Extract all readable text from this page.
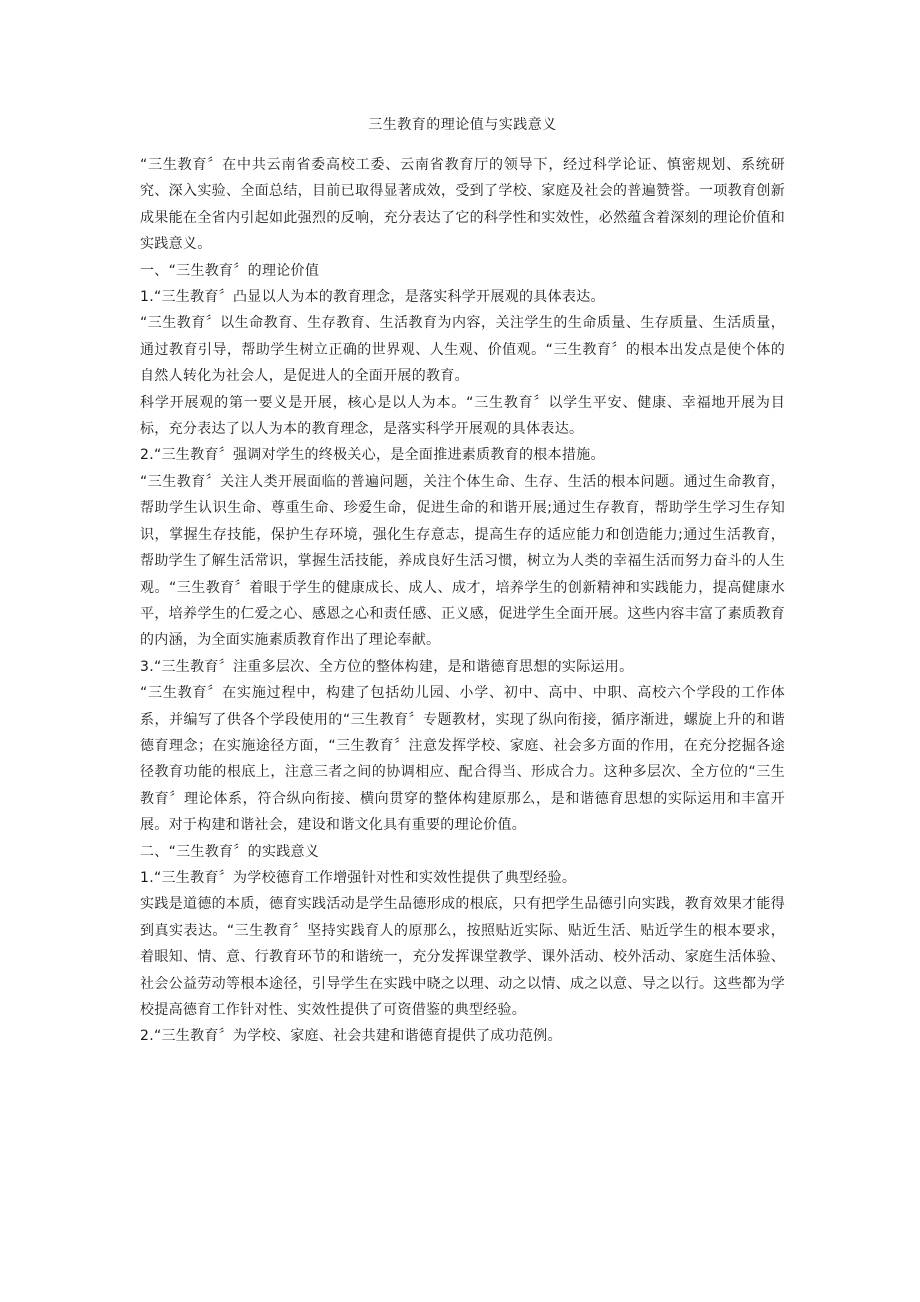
三生教育的理论值与实践意义

“三生教育〞在中共云南省委高校工委、云南省教育厅的领导下，经过科学论证、慎密规划、系统研究、深入实验、全面总结，目前已取得显著成效，受到了学校、家庭及社会的普遍赞誉。一项教育创新成果能在全省内引起如此强烈的反响，充分表达了它的科学性和实效性，必然蕴含着深刻的理论价值和实践意义。

一、“三生教育〞的理论价值

1.“三生教育〞凸显以人为本的教育理念，是落实科学开展观的具体表达。

“三生教育〞以生命教育、生存教育、生活教育为内容，关注学生的生命质量、生存质量、生活质量，通过教育引导，帮助学生树立正确的世界观、人生观、价值观。“三生教育〞的根本出发点是使个体的自然人转化为社会人，是促进人的全面开展的教育。

科学开展观的第一要义是开展，核心是以人为本。“三生教育〞以学生平安、健康、幸福地开展为目标，充分表达了以人为本的教育理念，是落实科学开展观的具体表达。

2.“三生教育〞强调对学生的终极关心，是全面推进素质教育的根本措施。

“三生教育〞关注人类开展面临的普遍问题，关注个体生命、生存、生活的根本问题。通过生命教育，帮助学生认识生命、尊重生命、珍爱生命，促进生命的和谐开展;通过生存教育，帮助学生学习生存知识，掌握生存技能，保护生存环境，强化生存意志，提高生存的适应能力和创造能力;通过生活教育，帮助学生了解生活常识，掌握生活技能，养成良好生活习惯，树立为人类的幸福生活而努力奋斗的人生观。“三生教育〞着眼于学生的健康成长、成人、成才，培养学生的创新精神和实践能力，提高健康水平，培养学生的仁爱之心、感恩之心和责任感、正义感，促进学生全面开展。这些内容丰富了素质教育的内涵，为全面实施素质教育作出了理论奉献。

3.“三生教育〞注重多层次、全方位的整体构建，是和谐德育思想的实际运用。

“三生教育〞在实施过程中，构建了包括幼儿园、小学、初中、高中、中职、高校六个学段的工作体系，并编写了供各个学段使用的“三生教育〞专题教材，实现了纵向衔接，循序渐进，螺旋上升的和谐德育理念；在实施途径方面，“三生教育〞注意发挥学校、家庭、社会多方面的作用，在充分挖掘各途径教育功能的根底上，注意三者之间的协调相应、配合得当、形成合力。这种多层次、全方位的“三生教育〞理论体系，符合纵向衔接、横向贯穿的整体构建原那么，是和谐德育思想的实际运用和丰富开展。对于构建和谐社会，建设和谐文化具有重要的理论价值。

二、“三生教育〞的实践意义

1.“三生教育〞为学校德育工作增强针对性和实效性提供了典型经验。

实践是道德的本质，德育实践活动是学生品德形成的根底，只有把学生品德引向实践，教育效果才能得到真实表达。“三生教育〞坚持实践育人的原那么，按照贴近实际、贴近生活、贴近学生的根本要求，着眼知、情、意、行教育环节的和谐统一，充分发挥课堂教学、课外活动、校外活动、家庭生活体验、社会公益劳动等根本途径，引导学生在实践中晓之以理、动之以情、成之以意、导之以行。这些都为学校提高德育工作针对性、实效性提供了可资借鉴的典型经验。

2.“三生教育〞为学校、家庭、社会共建和谐德育提供了成功范例。
